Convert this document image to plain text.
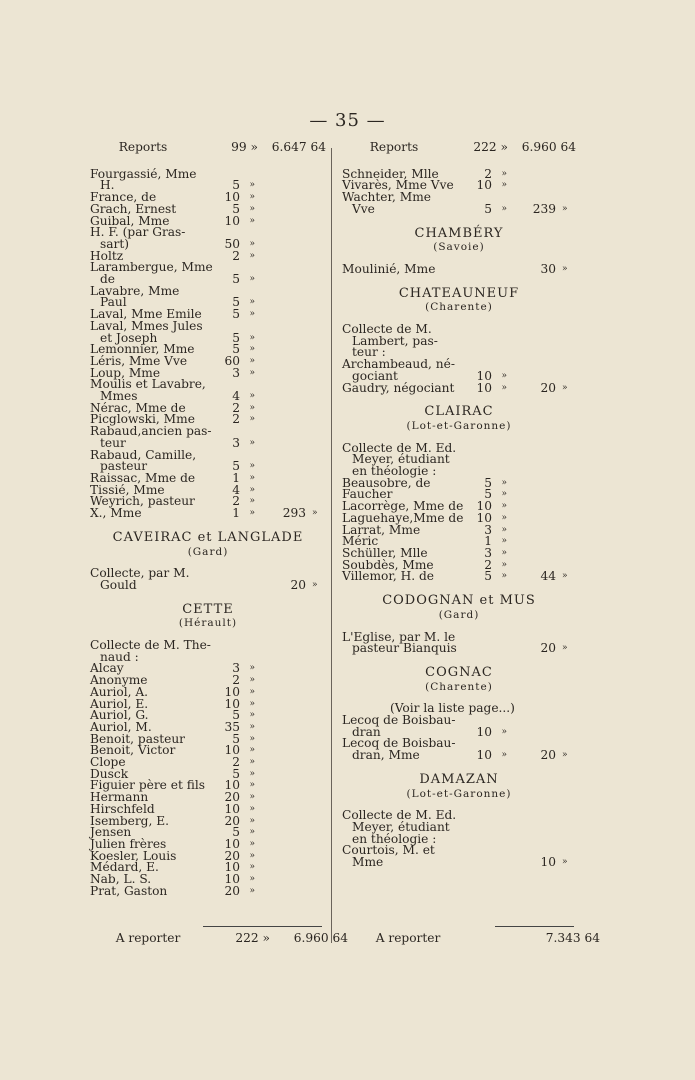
— 35 —
Reports	99 »	6.647 64
Fourgassié, Mme
H.	5	»
France, de	10	»
Grach, Ernest	5	»
Guibal, Mme	10	»
H. F. (par Gras-
sart)	50	»
Holtz	2	»
Larambergue, Mme
de	5	»
Lavabre, Mme
Paul	5	»
Laval, Mme Emile	5	»
Laval, Mmes Jules
et Joseph	5	»
Lemonnier, Mme	5	»
Léris, Mme Vve	60	»
Loup, Mme	3	»
Moulis et Lavabre,
Mmes	4	»
Nérac, Mme de	2	»
Picglowski, Mme	2	»
Rabaud,ancien pas-
teur	3	»
Rabaud, Camille,
pasteur	5	»
Raissac, Mme de	1	»
Tissié, Mme	4	»
Weyrich, pasteur	2	»
X., Mme	1	»	293 »
CAVEIRAC et LANGLADE
(Gard)
Collecte, par M.
Gould	20 »
CETTE
(Hérault)
Collecte de M. The-
naud :
Alcay	3	»
Anonyme	2	»
Auriol, A.	10	»
Auriol, E.	10	»
Auriol, G.	5	»
Auriol, M.	35	»
Benoit, pasteur	5	»
Benoit, Victor	10	»
Clope	2	»
Dusck	5	»
Figuier père et fils	10	»
Hermann	20	»
Hirschfeld	10	»
Isemberg, E.	20	»
Jensen	5	»
Julien frères	10	»
Koesler, Louis	20	»
Médard, E.	10	»
Nab, L. S.	10	»
Prat, Gaston	20	»
Reports	222 »	6.960 64
Schneider, Mlle	2	»
Vivarès, Mme Vve	10	»
Wachter, Mme
Vve	5	»	239 »
CHAMBÉRY
(Savoie)
Moulinié, Mme	30 »
CHATEAUNEUF
(Charente)
Collecte de M.
Lambert, pas-
teur :
Archambeaud, né-
gociant	10	»
Gaudry, négociant	10	»	20 »
CLAIRAC
(Lot-et-Garonne)
Collecte de M. Ed.
Meyer, étudiant
en théologie :
Beausobre, de	5	»
Faucher	5	»
Lacorrège, Mme de	10	»
Laguehaye,Mme de	10	»
Larrat, Mme	3	»
Méric	1	»
Schüller, Mlle	3	»
Soubdès, Mme	2	»
Villemor, H. de	5	»	44 »
CODOGNAN et MUS
(Gard)
L'Eglise, par M. le
pasteur Bianquis	20 »
COGNAC
(Charente)
(Voir la liste page...)
Lecoq de Boisbau-
dran	10	»
Lecoq de Boisbau-
dran, Mme	10	»	20 »
DAMAZAN
(Lot-et-Garonne)
Collecte de M. Ed.
Meyer, étudiant
en théologie :
Courtois, M. et
Mme	10 »
A reporter	222 »	6.960 64	A reporter	7.343 64
